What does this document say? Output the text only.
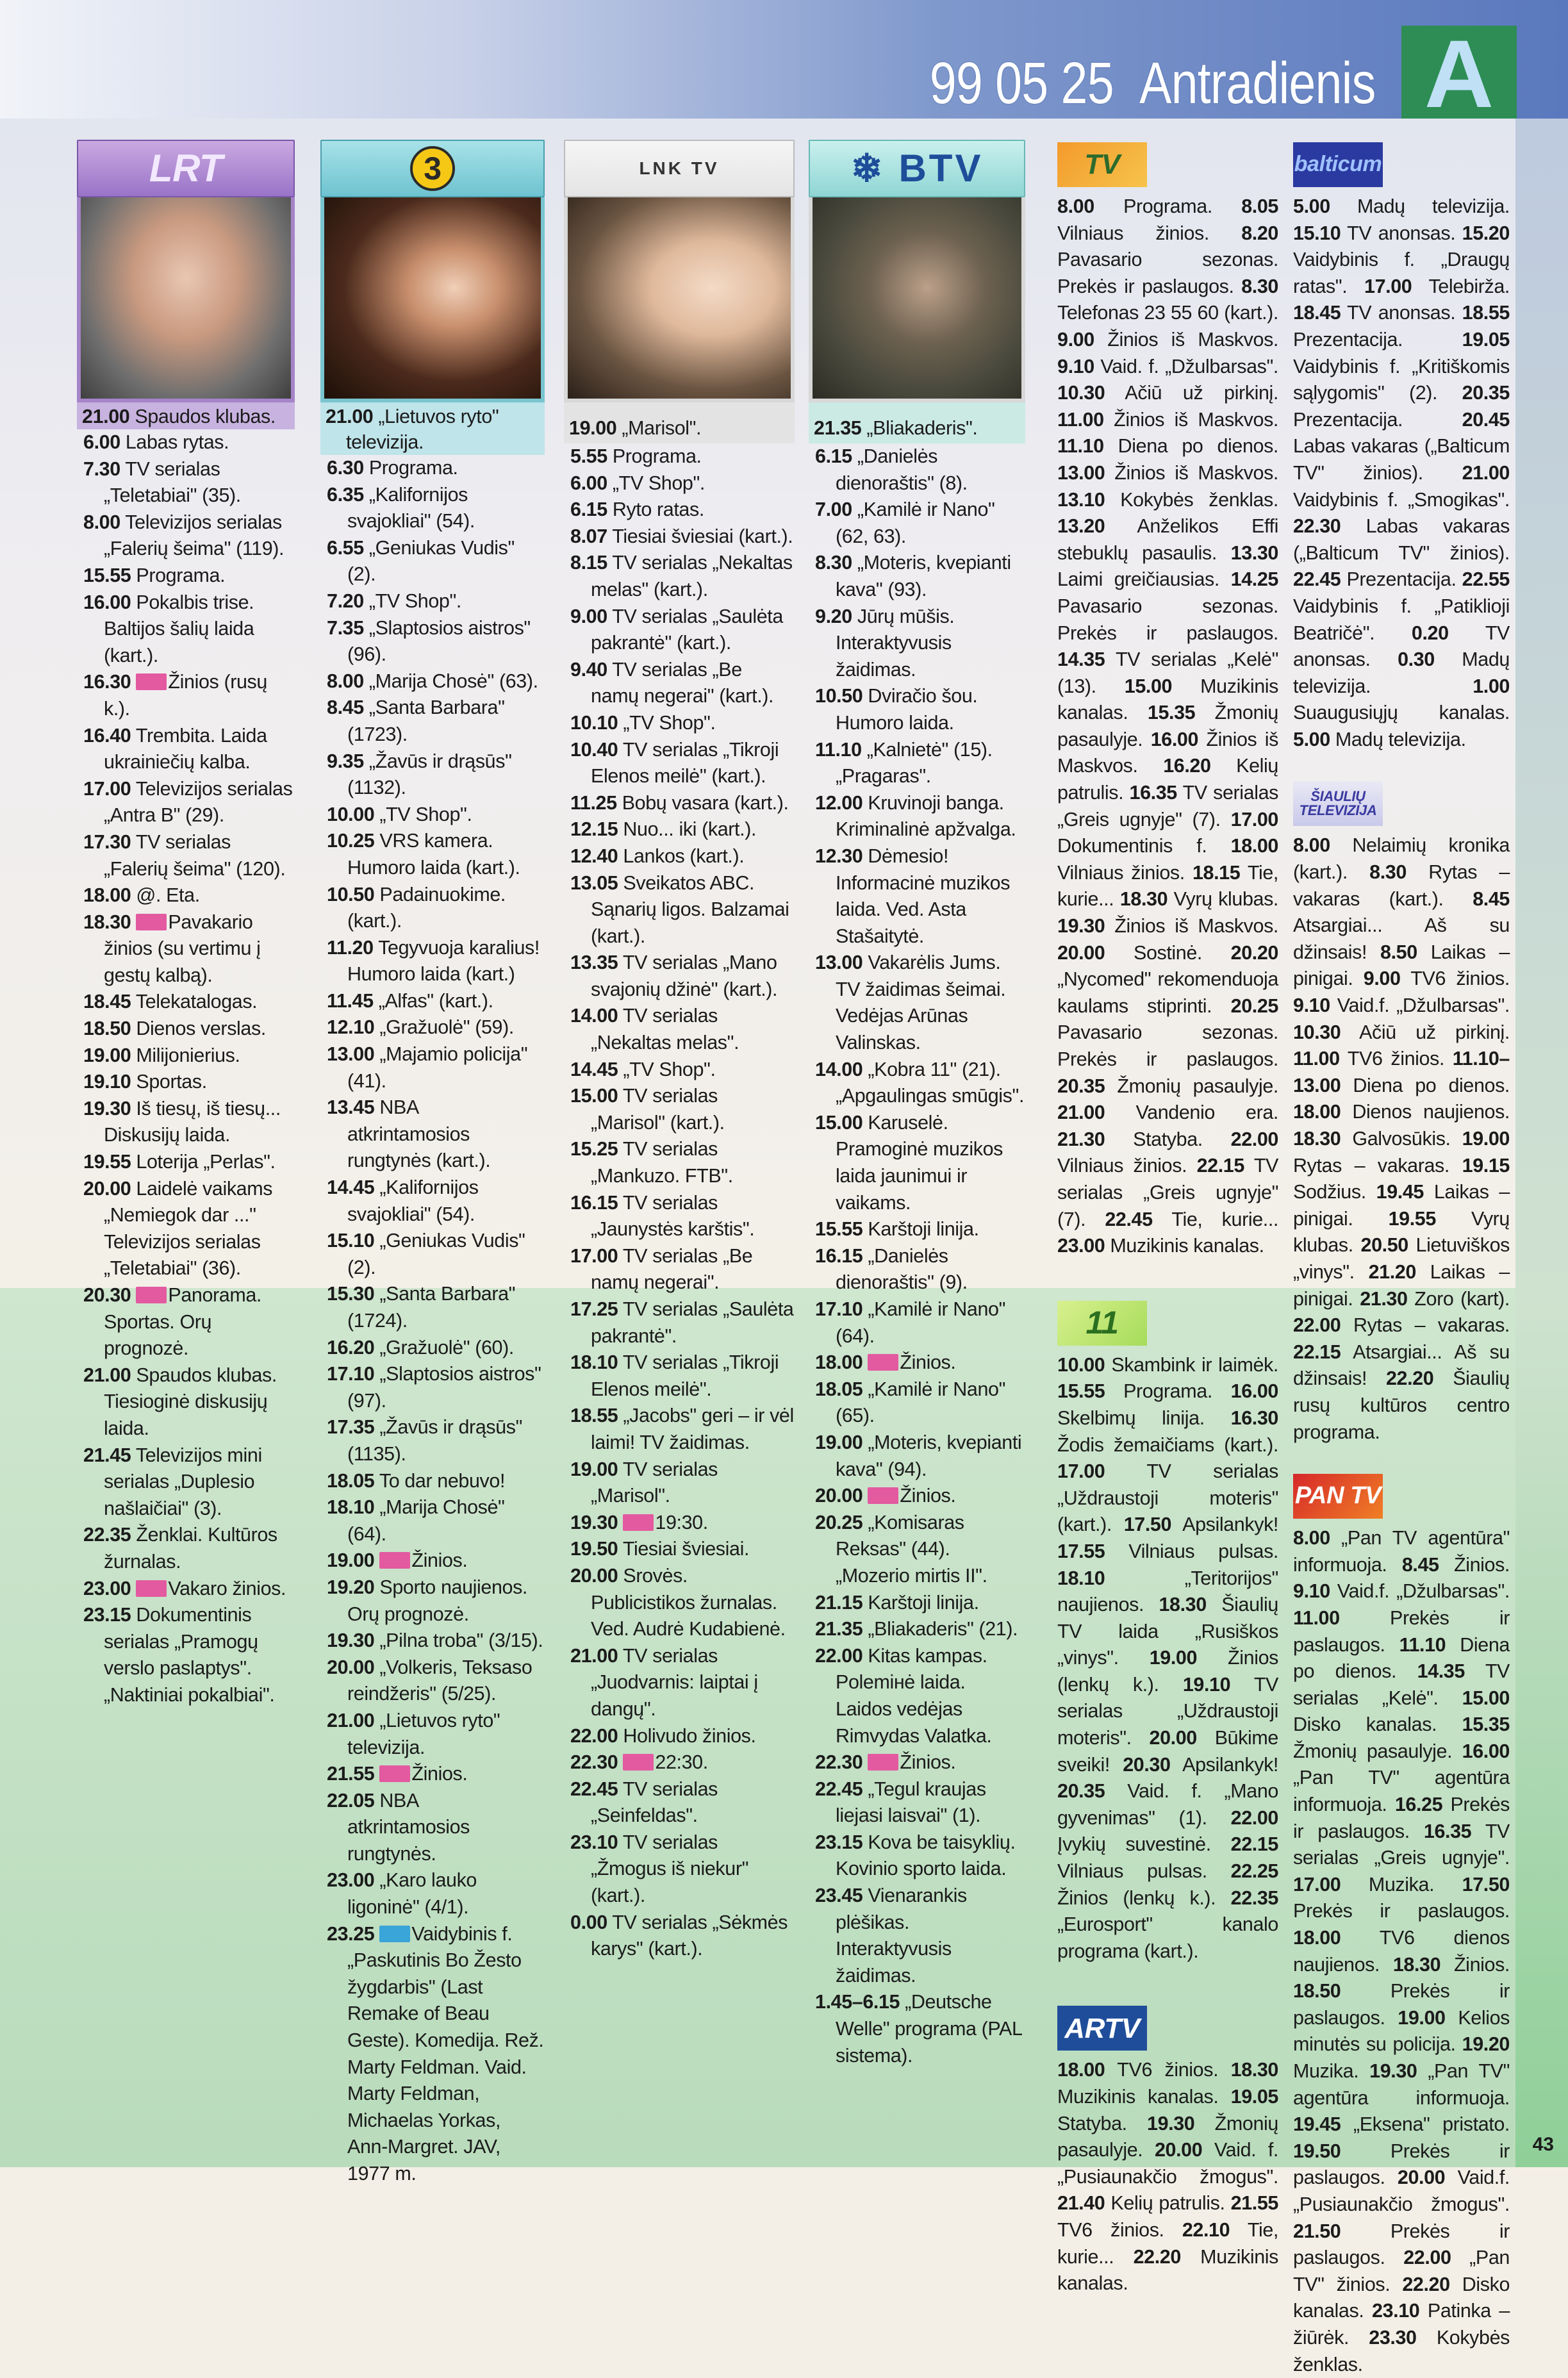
99 05 25 Antradienis A
LRT

21.00 Spaudos klubas.

6.00 Labas rytas.

7.30 TV serialas „Teletabiai" (35).

8.00 Televizijos serialas „Falerių šeima" (119).

15.55 Programa.

16.00 Pokalbis trise. Baltijos šalių laida (kart.).

16.30 Žinios (rusų k.).

16.40 Trembita. Laida ukrainiečių kalba.

17.00 Televizijos serialas „Antra B" (29).

17.30 TV serialas „Falerių šeima" (120).

18.00 @. Eta.

18.30 Pavakario žinios (su vertimu į gestų kalbą).

18.45 Telekatalogas.

18.50 Dienos verslas.

19.00 Milijonierius.

19.10 Sportas.

19.30 Iš tiesų, iš tiesų... Diskusijų laida.

19.55 Loterija „Perlas".

20.00 Laidelė vaikams „Nemiegok dar ..." Televizijos serialas „Teletabiai" (36).

20.30 Panorama. Sportas. Orų prognozė.

21.00 Spaudos klubas. Tiesioginė diskusijų laida.

21.45 Televizijos mini serialas „Duplesio našlaičiai" (3).

22.35 Ženklai. Kultūros žurnalas.

23.00 Vakaro žinios.

23.15 Dokumentinis serialas „Pramogų verslo paslaptys". „Naktiniai pokalbiai".

3

21.00 „Lietuvos ryto" televizija.

6.30 Programa.

6.35 „Kalifornijos svajokliai" (54).

6.55 „Geniukas Vudis" (2).

7.20 „TV Shop".

7.35 „Slaptosios aistros" (96).

8.00 „Marija Chosė" (63).

8.45 „Santa Barbara" (1723).

9.35 „Žavūs ir drąsūs" (1132).

10.00 „TV Shop".

10.25 VRS kamera. Humoro laida (kart.).

10.50 Padainuokime. (kart.).

11.20 Tegyvuoja karalius! Humoro laida (kart.)

11.45 „Alfas" (kart.).

12.10 „Gražuolė" (59).

13.00 „Majamio policija" (41).

13.45 NBA atkrintamosios rungtynės (kart.).

14.45 „Kalifornijos svajokliai" (54).

15.10 „Geniukas Vudis" (2).

15.30 „Santa Barbara" (1724).

16.20 „Gražuolė" (60).

17.10 „Slaptosios aistros" (97).

17.35 „Žavūs ir drąsūs" (1135).

18.05 To dar nebuvo!

18.10 „Marija Chosė" (64).

19.00 Žinios.

19.20 Sporto naujienos. Orų prognozė.

19.30 „Pilna troba" (3/15).

20.00 „Volkeris, Teksaso reindžeris" (5/25).

21.00 „Lietuvos ryto" televizija.

21.55 Žinios.

22.05 NBA atkrintamosios rungtynės.

23.00 „Karo lauko ligoninė" (4/1).

23.25 Vaidybinis f. „Paskutinis Bo Žesto žygdarbis" (Last Remake of Beau Geste). Komedija. Rež. Marty Feldman. Vaid. Marty Feldman, Michaelas Yorkas, Ann-Margret. JAV, 1977 m.

LNK TV

19.00 „Marisol".

5.55 Programa.

6.00 „TV Shop".

6.15 Ryto ratas.

8.07 Tiesiai šviesiai (kart.).

8.15 TV serialas „Nekaltas melas" (kart.).

9.00 TV serialas „Saulėta pakrantė" (kart.).

9.40 TV serialas „Be namų negerai" (kart.).

10.10 „TV Shop".

10.40 TV serialas „Tikroji Elenos meilė" (kart.).

11.25 Bobų vasara (kart.).

12.15 Nuo... iki (kart.).

12.40 Lankos (kart.).

13.05 Sveikatos ABC. Sąnarių ligos. Balzamai (kart.).

13.35 TV serialas „Mano svajonių džinė" (kart.).

14.00 TV serialas „Nekaltas melas".

14.45 „TV Shop".

15.00 TV serialas „Marisol" (kart.).

15.25 TV serialas „Mankuzo. FTB".

16.15 TV serialas „Jaunystės karštis".

17.00 TV serialas „Be namų negerai".

17.25 TV serialas „Saulėta pakrantė".

18.10 TV serialas „Tikroji Elenos meilė".

18.55 „Jacobs" geri – ir vėl laimi! TV žaidimas.

19.00 TV serialas „Marisol".

19.30 19:30.

19.50 Tiesiai šviesiai.

20.00 Srovės. Publicistikos žurnalas. Ved. Audrė Kudabienė.

21.00 TV serialas „Juodvarnis: laiptai į dangų".

22.00 Holivudo žinios.

22.30 22:30.

22.45 TV serialas „Seinfeldas".

23.10 TV serialas „Žmogus iš niekur" (kart.).

0.00 TV serialas „Sėkmės karys" (kart.).

❄
BTV

21.35 „Bliakaderis".

6.15 „Danielės dienoraštis" (8).

7.00 „Kamilė ir Nano" (62, 63).

8.30 „Moteris, kvepianti kava" (93).

9.20 Jūrų mūšis. Interaktyvusis žaidimas.

10.50 Dviračio šou. Humoro laida.

11.10 „Kalnietė" (15). „Pragaras".

12.00 Kruvinoji banga. Kriminalinė apžvalga.

12.30 Dėmesio! Informacinė muzikos laida. Ved. Asta Stašaitytė.

13.00 Vakarėlis Jums. TV žaidimas šeimai. Vedėjas Arūnas Valinskas.

14.00 „Kobra 11" (21). „Apgaulingas smūgis".

15.00 Karuselė. Pramoginė muzikos laida jaunimui ir vaikams.

15.55 Karštoji linija.

16.15 „Danielės dienoraštis" (9).

17.10 „Kamilė ir Nano" (64).

18.00 Žinios.

18.05 „Kamilė ir Nano" (65).

19.00 „Moteris, kvepianti kava" (94).

20.00 Žinios.

20.25 „Komisaras Reksas" (44). „Mozerio mirtis II".

21.15 Karštoji linija.

21.35 „Bliakaderis" (21).

22.00 Kitas kampas. Polemінė laida. Laidos vedėjas Rimvydas Valatka.

22.30 Žinios.

22.45 „Tegul kraujas liejasi laisvai" (1).

23.15 Kova be taisyklių. Kovinio sporto laida.

23.45 Vienarankis plėšikas. Interaktyvusis žaidimas.

1.45–6.15 „Deutsche Welle" programa (PAL sistema).

TV
8.00 Programa. 8.05 Vilniaus žinios. 8.20 Pavasario sezonas. Prekės ir paslaugos. 8.30 Telefonas 23 55 60 (kart.). 9.00 Žinios iš Maskvos. 9.10 Vaid. f. „Džulbarsas". 10.30 Ačiū už pirkinį. 11.00 Žinios iš Maskvos. 11.10 Diena po dienos. 13.00 Žinios iš Maskvos. 13.10 Kokybės ženklas. 13.20 Anželikos Effi stebuklų pasaulis. 13.30 Laimi greičiausias. 14.25 Pavasario sezonas. Prekės ir paslaugos. 14.35 TV serialas „Kelė" (13). 15.00 Muzikinis kanalas. 15.35 Žmonių pasaulyje. 16.00 Žinios iš Maskvos. 16.20 Kelių patrulis. 16.35 TV serialas „Greis ugnyje" (7). 17.00 Dokumentinis f. 18.00 Vilniaus žinios. 18.15 Tie, kurie... 18.30 Vyrų klubas. 19.30 Žinios iš Maskvos. 20.00 Sostinė. 20.20 „Nycomed" rekomenduoja kaulams stiprinti. 20.25 Pavasario sezonas. Prekės ir paslaugos. 20.35 Žmonių pasaulyje. 21.00 Vandenio era. 21.30 Statyba. 22.00 Vilniaus žinios. 22.15 TV serialas „Greis ugnyje" (7). 22.45 Tie, kurie... 23.00 Muzikinis kanalas.
11
10.00 Skambink ir laimėk. 15.55 Programa. 16.00 Skelbimų linija. 16.30 Žodis žemaičiams (kart.). 17.00 TV serialas „Uždraustoji moteris" (kart.). 17.50 Apsilankyk! 17.55 Vilniaus pulsas. 18.10 „Teritorijos" naujienos. 18.30 Šiaulių TV laida „Rusiškos „vinys". 19.00 Žinios (lenkų k.). 19.10 TV serialas „Uždraustoji moteris". 20.00 Būkime sveiki! 20.30 Apsilankyk! 20.35 Vaid. f. „Mano gyvenimas" (1). 22.00 Įvykių suvestinė. 22.15 Vilniaus pulsas. 22.25 Žinios (lenkų k.). 22.35 „Eurosport" kanalo programa (kart.).
ARTV
18.00 TV6 žinios. 18.30 Muzikinis kanalas. 19.05 Statyba. 19.30 Žmonių pasaulyje. 20.00 Vaid. f. „Pusiaunakčio žmogus". 21.40 Kelių patrulis. 21.55 TV6 žinios. 22.10 Tie, kurie... 22.20 Muzikinis kanalas.
balticum
5.00 Madų televizija. 15.10 TV anonsas. 15.20 Vaidybinis f. „Draugų ratas". 17.00 Telebirža. 18.45 TV anonsas. 18.55 Prezentacija. 19.05 Vaidybinis f. „Kritiškomis sąlygomis" (2). 20.35 Prezentacija. 20.45 Labas vakaras („Balticum TV" žinios). 21.00 Vaidybinis f. „Smogikas". 22.30 Labas vakaras („Balticum TV" žinios). 22.45 Prezentacija. 22.55 Vaidybinis f. „Patiklioji Beatričė". 0.20 TV anonsas. 0.30 Madų televizija. 1.00 Suaugusiųjų kanalas. 5.00 Madų televizija.
ŠIAULIŲ TELEVIZIJA
8.00 Nelaimių kronika (kart.). 8.30 Rytas – vakaras (kart.). 8.45 Atsargiai... Aš su džinsais! 8.50 Laikas – pinigai. 9.00 TV6 žinios. 9.10 Vaid.f. „Džulbarsas". 10.30 Ačiū už pirkinį. 11.00 TV6 žinios. 11.10–13.00 Diena po dienos. 18.00 Dienos naujienos. 18.30 Galvosūkis. 19.00 Rytas – vakaras. 19.15 Sodžius. 19.45 Laikas – pinigai. 19.55 Vyrų klubas. 20.50 Lietuviškos „vinys". 21.20 Laikas – pinigai. 21.30 Zoro (kart). 22.00 Rytas – vakaras. 22.15 Atsargiai... Aš su džinsais! 22.20 Šiaulių rusų kultūros centro programa.
PAN TV
8.00 „Pan TV agentūra" informuoja. 8.45 Žinios. 9.10 Vaid.f. „Džulbarsas". 11.00 Prekės ir paslaugos. 11.10 Diena po dienos. 14.35 TV serialas „Kelė". 15.00 Disko kanalas. 15.35 Žmonių pasaulyje. 16.00 „Pan TV" agentūra informuoja. 16.25 Prekės ir paslaugos. 16.35 TV serialas „Greis ugnyje". 17.00 Muzika. 17.50 Prekės ir paslaugos. 18.00 TV6 dienos naujienos. 18.30 Žinios. 18.50 Prekės ir paslaugos. 19.00 Kelios minutės su policija. 19.20 Muzika. 19.30 „Pan TV" agentūra informuoja. 19.45 „Eksena" pristato. 19.50 Prekės ir paslaugos. 20.00 Vaid.f. „Pusiaunakčio žmogus". 21.50 Prekės ir paslaugos. 22.00 „Pan TV" žinios. 22.20 Disko kanalas. 23.10 Patinka – žiūrėk. 23.30 Kokybės ženklas.
43
